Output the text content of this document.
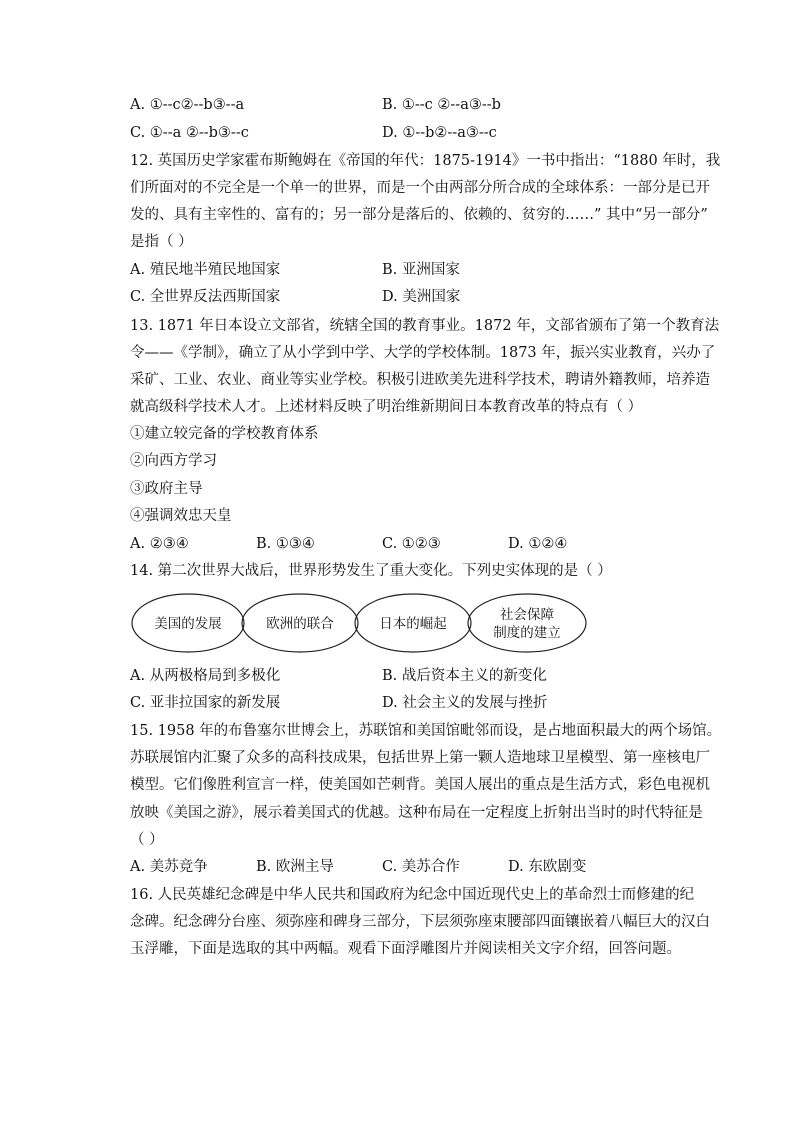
A. ①--c②--b③--a	B. ①--c ②--a③--b
C. ①--a ②--b③--c	D. ①--b②--a③--c
12. 英国历史学家霍布斯鲍姆在《帝国的年代：1875-1914》一书中指出：“1880 年时，我
们所面对的不完全是一个单一的世界，而是一个由两部分所合成的全球体系：一部分是已开
发的、具有主宰性的、富有的；另一部分是落后的、依赖的、贫穷的……” 其中“另一部分”
是指（ ）
A. 殖民地半殖民地国家	B. 亚洲国家
C. 全世界反法西斯国家	D. 美洲国家
13. 1871 年日本设立文部省，统辖全国的教育事业。1872 年，文部省颁布了第一个教育法
令——《学制》，确立了从小学到中学、大学的学校体制。1873 年，振兴实业教育，兴办了
采矿、工业、农业、商业等实业学校。积极引进欧美先进科学技术，聘请外籍教师，培养造
就高级科学技术人才。上述材料反映了明治维新期间日本教育改革的特点有（ ）
①建立较完备的学校教育体系
②向西方学习
③政府主导
④强调效忠天皇
A. ②③④	B. ①③④	C. ①②③	D. ①②④
14. 第二次世界大战后，世界形势发生了重大变化。下列史实体现的是（ ）
美国的发展	欧洲的联合	日本的崛起
社会保障
制度的建立
A. 从两极格局到多极化	B. 战后资本主义的新变化
C. 亚非拉国家的新发展	D. 社会主义的发展与挫折
15. 1958 年的布鲁塞尔世博会上，苏联馆和美国馆毗邻而设，是占地面积最大的两个场馆。
苏联展馆内汇聚了众多的高科技成果，包括世界上第一颗人造地球卫星模型、第一座核电厂
模型。它们像胜利宣言一样，使美国如芒刺背。美国人展出的重点是生活方式，彩色电视机
放映《美国之游》，展示着美国式的优越。这种布局在一定程度上折射出当时的时代特征是
（ ）
A. 美苏竞争	B. 欧洲主导	C. 美苏合作	D. 东欧剧变
16. 人民英雄纪念碑是中华人民共和国政府为纪念中国近现代史上的革命烈士而修建的纪
念碑。纪念碑分台座、须弥座和碑身三部分，下层须弥座束腰部四面镶嵌着八幅巨大的汉白
玉浮雕，下面是选取的其中两幅。观看下面浮雕图片并阅读相关文字介绍，回答问题。
